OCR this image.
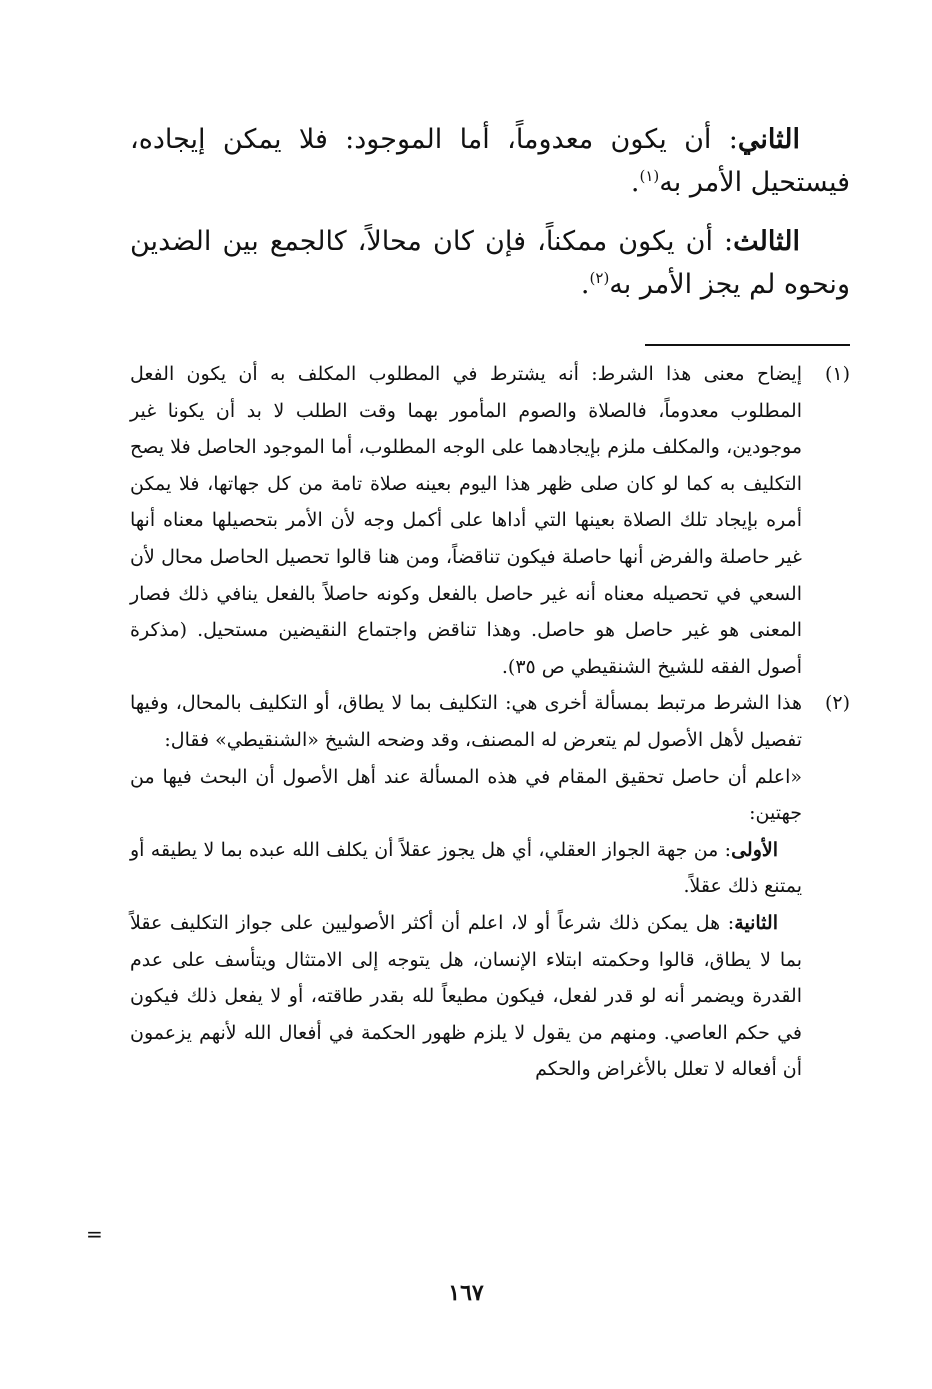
الثاني: أن يكون معدوماً، أما الموجود: فلا يمكن إيجاده، فيستحيل الأمر به$^{(١)}$.

الثالث: أن يكون ممكناً، فإن كان محالاً، كالجمع بين الضدين ونحوه لم يجز الأمر به$^{(٢)}$.

(١)

إيضاح معنى هذا الشرط: أنه يشترط في المطلوب المكلف به أن يكون الفعل المطلوب معدوماً، فالصلاة والصوم المأمور بهما وقت الطلب لا بد أن يكونا غير موجودين، والمكلف ملزم بإيجادهما على الوجه المطلوب، أما الموجود الحاصل فلا يصح التكليف به كما لو كان صلى ظهر هذا اليوم بعينه صلاة تامة من كل جهاتها، فلا يمكن أمره بإيجاد تلك الصلاة بعينها التي أداها على أكمل وجه لأن الأمر بتحصيلها معناه أنها غير حاصلة والفرض أنها حاصلة فيكون تناقضاً، ومن هنا قالوا تحصيل الحاصل محال لأن السعي في تحصيله معناه أنه غير حاصل بالفعل وكونه حاصلاً بالفعل ينافي ذلك فصار المعنى هو غير حاصل هو حاصل. وهذا تناقض واجتماع النقيضين مستحيل. (مذكرة أصول الفقه للشيخ الشنقيطي ص ٣٥).

(٢)

هذا الشرط مرتبط بمسألة أخرى هي: التكليف بما لا يطاق، أو التكليف بالمحال، وفيها تفصيل لأهل الأصول لم يتعرض له المصنف، وقد وضحه الشيخ «الشنقيطي» فقال:

«اعلم أن حاصل تحقيق المقام في هذه المسألة عند أهل الأصول أن البحث فيها من جهتين:

الأولى: من جهة الجواز العقلي، أي هل يجوز عقلاً أن يكلف الله عبده بما لا يطيقه أو يمتنع ذلك عقلاً.

الثانية: هل يمكن ذلك شرعاً أو لا، اعلم أن أكثر الأصوليين على جواز التكليف عقلاً بما لا يطاق، قالوا وحكمته ابتلاء الإنسان، هل يتوجه إلى الامتثال ويتأسف على عدم القدرة ويضمر أنه لو قدر لفعل، فيكون مطيعاً لله بقدر طاقته، أو لا يفعل ذلك فيكون في حكم العاصي. ومنهم من يقول لا يلزم ظهور الحكمة في أفعال الله لأنهم يزعمون أن أفعاله لا تعلل بالأغراض والحكم

=
١٦٧
